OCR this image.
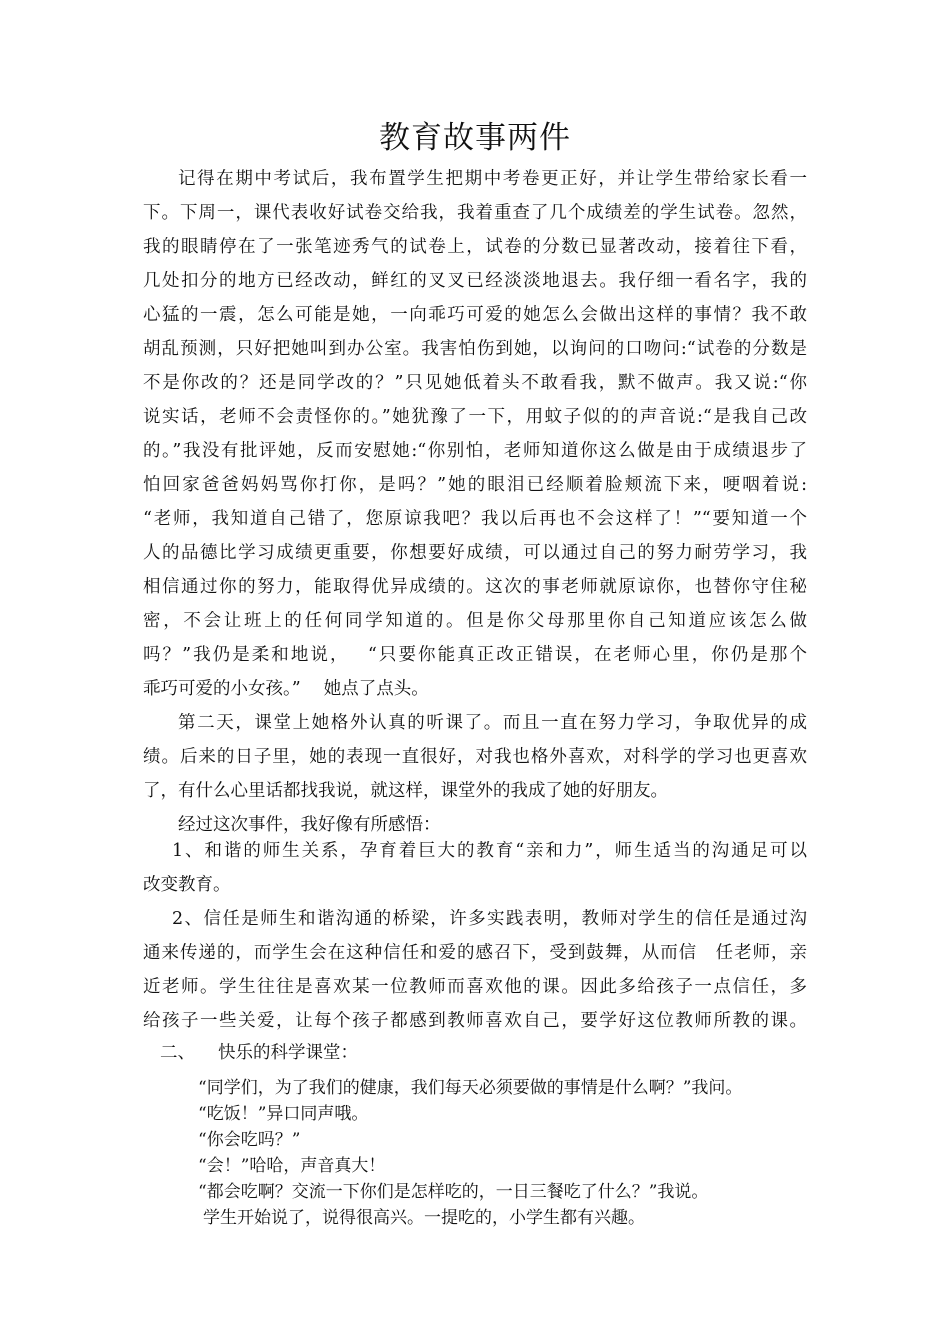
教育故事两件
记得在期中考试后，我布置学生把期中考卷更正好，并让学生带给家长看一
下。下周一，课代表收好试卷交给我，我着重查了几个成绩差的学生试卷。忽然，
我的眼睛停在了一张笔迹秀气的试卷上，试卷的分数已显著改动，接着往下看，
几处扣分的地方已经改动，鲜红的叉叉已经淡淡地退去。我仔细一看名字，我的
心猛的一震，怎么可能是她，一向乖巧可爱的她怎么会做出这样的事情？我不敢
胡乱预测，只好把她叫到办公室。我害怕伤到她，以询问的口吻问:“试卷的分数是
不是你改的？还是同学改的？”只见她低着头不敢看我，默不做声。我又说:“你
说实话，老师不会责怪你的。”她犹豫了一下，用蚊子似的的声音说:“是我自己改
的。”我没有批评她，反而安慰她:“你别怕，老师知道你这么做是由于成绩退步了
怕回家爸爸妈妈骂你打你，是吗？”她的眼泪已经顺着脸颊流下来，哽咽着说:
“老师，我知道自己错了，您原谅我吧？我以后再也不会这样了！”“要知道一个
人的品德比学习成绩更重要，你想要好成绩，可以通过自己的努力耐劳学习，我
相信通过你的努力，能取得优异成绩的。这次的事老师就原谅你，也替你守住秘
密，不会让班上的任何同学知道的。但是你父母那里你自己知道应该怎么做
吗？”我仍是柔和地说，　 “只要你能真正改正错误，在老师心里，你仍是那个
乖巧可爱的小女孩。”　 她点了点头。
第二天，课堂上她格外认真的听课了。而且一直在努力学习，争取优异的成
绩。后来的日子里，她的表现一直很好，对我也格外喜欢，对科学的学习也更喜欢
了，有什么心里话都找我说，就这样，课堂外的我成了她的好朋友。
经过这次事件，我好像有所感悟：
1、和谐的师生关系，孕育着巨大的教育“亲和力”，师生适当的沟通足可以
改变教育。
2、信任是师生和谐沟通的桥梁，许多实践表明，教师对学生的信任是通过沟
通来传递的，而学生会在这种信任和爱的感召下，受到鼓舞，从而信　任老师，亲
近老师。学生往往是喜欢某一位教师而喜欢他的课。因此多给孩子一点信任，多
给孩子一些关爱，让每个孩子都感到教师喜欢自己，要学好这位教师所教的课。
二、 快乐的科学课堂：
“同学们，为了我们的健康，我们每天必须要做的事情是什么啊？”我问。
“吃饭！”异口同声哦。
“你会吃吗？”
“会！”哈哈，声音真大！
“都会吃啊？交流一下你们是怎样吃的，一日三餐吃了什么？”我说。
学生开始说了，说得很高兴。一提吃的，小学生都有兴趣。
